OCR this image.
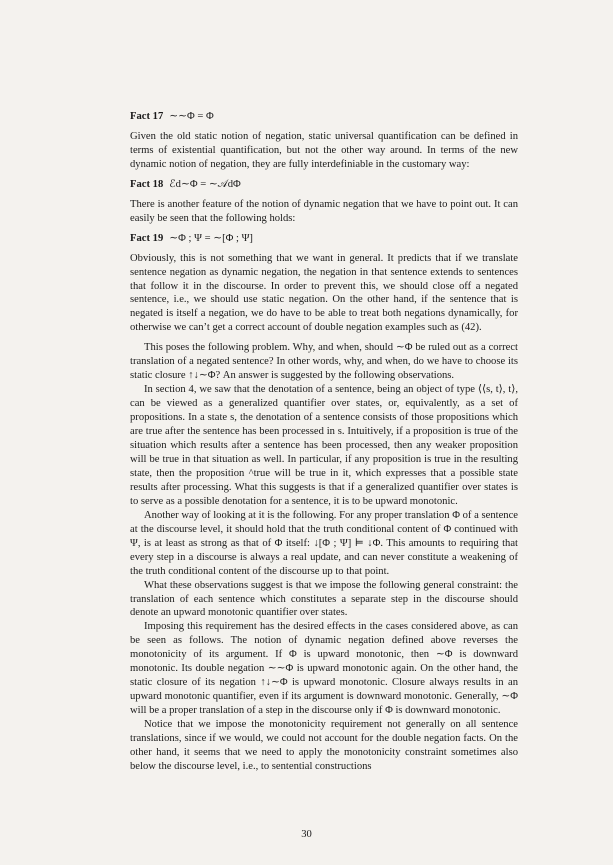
Fact 17 ∼∼Φ = Φ

Given the old static notion of negation, static universal quantification can be defined in terms of existential quantification, but not the other way around. In terms of the new dynamic notion of negation, they are fully interdefiniable in the customary way:

Fact 18 ℰd∼Φ = ∼𝒜dΦ

There is another feature of the notion of dynamic negation that we have to point out. It can easily be seen that the following holds:

Fact 19 ∼Φ ; Ψ = ∼[Φ ; Ψ]

Obviously, this is not something that we want in general. It predicts that if we translate sentence negation as dynamic negation, the negation in that sentence extends to sentences that follow it in the discourse. In order to prevent this, we should close off a negated sentence, i.e., we should use static negation. On the other hand, if the sentence that is negated is itself a negation, we do have to be able to treat both negations dynamically, for otherwise we can’t get a correct account of double negation examples such as (42).

This poses the following problem. Why, and when, should ∼Φ be ruled out as a correct translation of a negated sentence? In other words, why, and when, do we have to choose its static closure ↑↓∼Φ? An answer is suggested by the following observations.

In section 4, we saw that the denotation of a sentence, being an object of type ⟨⟨s, t⟩, t⟩, can be viewed as a generalized quantifier over states, or, equivalently, as a set of propositions. In a state s, the denotation of a sentence consists of those propositions which are true after the sentence has been processed in s. Intuitively, if a proposition is true of the situation which results after a sentence has been processed, then any weaker proposition will be true in that situation as well. In particular, if any proposition is true in the resulting state, then the proposition ^true will be true in it, which expresses that a possible state results after processing. What this suggests is that if a generalized quantifier over states is to serve as a possible denotation for a sentence, it is to be upward monotonic.

Another way of looking at it is the following. For any proper translation Φ of a sentence at the discourse level, it should hold that the truth conditional content of Φ continued with Ψ, is at least as strong as that of Φ itself: ↓[Φ ; Ψ] ⊨ ↓Φ. This amounts to requiring that every step in a discourse is always a real update, and can never constitute a weakening of the truth conditional content of the discourse up to that point.

What these observations suggest is that we impose the following general constraint: the translation of each sentence which constitutes a separate step in the discourse should denote an upward monotonic quantifier over states.

Imposing this requirement has the desired effects in the cases considered above, as can be seen as follows. The notion of dynamic negation defined above reverses the monotonicity of its argument. If Φ is upward monotonic, then ∼Φ is downward monotonic. Its double negation ∼∼Φ is upward monotonic again. On the other hand, the static closure of its negation ↑↓∼Φ is upward monotonic. Closure always results in an upward monotonic quantifier, even if its argument is downward monotonic. Generally, ∼Φ will be a proper translation of a step in the discourse only if Φ is downward monotonic.

Notice that we impose the monotonicity requirement not generally on all sentence translations, since if we would, we could not account for the double negation facts. On the other hand, it seems that we need to apply the monotonicity constraint sometimes also below the discourse level, i.e., to sentential constructions

30
